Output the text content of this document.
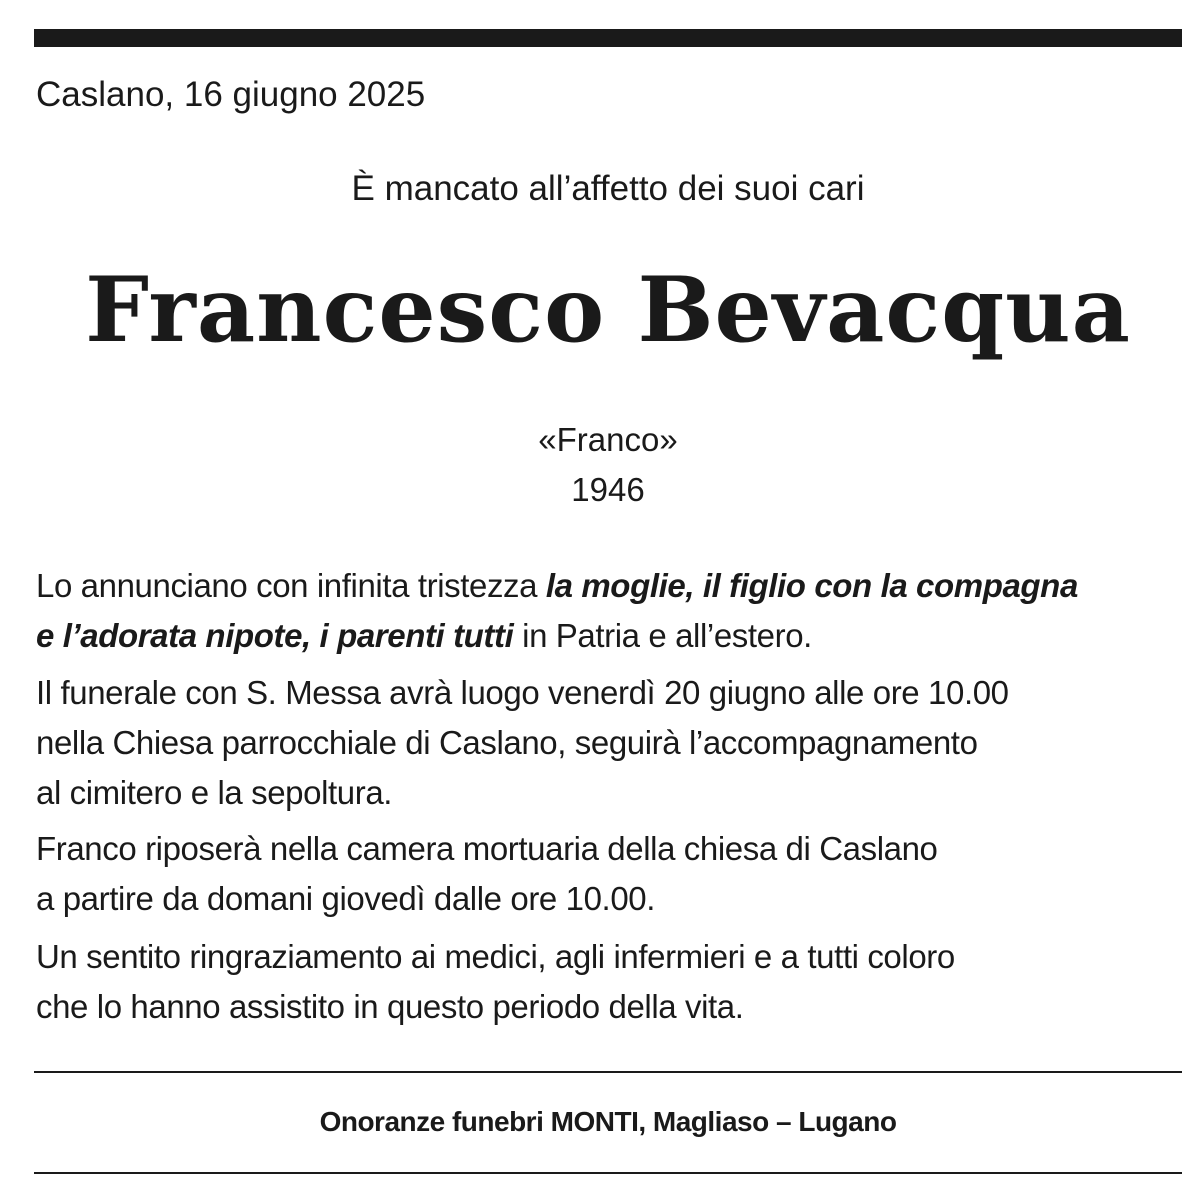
Caslano, 16 giugno 2025
È mancato all’affetto dei suoi cari
Francesco Bevacqua
«Franco»
1946
Lo annunciano con infinita tristezza la moglie, il figlio con la compagna
e l’adorata nipote, i parenti tutti in Patria e all’estero.
Il funerale con S. Messa avrà luogo venerdì 20 giugno alle ore 10.00
nella Chiesa parrocchiale di Caslano, seguirà l’accompagnamento
al cimitero e la sepoltura.
Franco riposerà nella camera mortuaria della chiesa di Caslano
a partire da domani giovedì dalle ore 10.00.
Un sentito ringraziamento ai medici, agli infermieri e a tutti coloro
che lo hanno assistito in questo periodo della vita.
Onoranze funebri MONTI, Magliaso – Lugano
